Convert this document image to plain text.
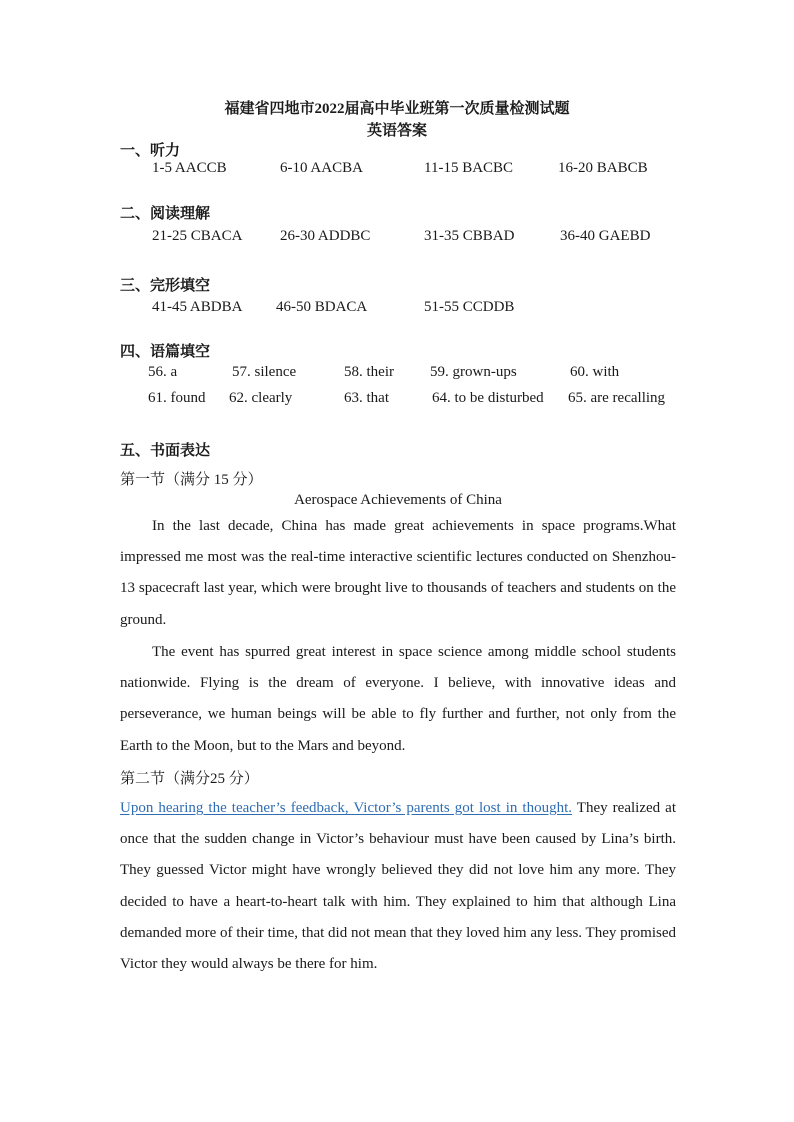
福建省四地市2022届高中毕业班第一次质量检测试题
英语答案
一、听力
1-5 AACCB	6-10 AACBA	11-15 BACBC	16-20 BABCB
二、阅读理解
21-25 CBACA	26-30 ADDBC	31-35 CBBAD	36-40 GAEBD
三、完形填空
41-45 ABDBA 46-50 BDACA	51-55 CCDDB
四、语篇填空
56. a	57. silence	58. their 59. grown-ups	60. with
61. found 62. clearly	63. that	64. to be disturbed 65. are recalling
五、书面表达
第一节（满分 15 分）
Aerospace Achievements of China

In the last decade, China has made great achievements in space programs.What impressed me most was the real-time interactive scientific lectures conducted on Shenzhou-13 spacecraft last year, which were brought live to thousands of teachers and students on the ground.

The event has spurred great interest in space science among middle school students nationwide. Flying is the dream of everyone. I believe, with innovative ideas and perseverance, we human beings will be able to fly further and further, not only from the Earth to the Moon, but to the Mars and beyond.

第二节（满分25 分）

Upon hearing the teacher’s feedback, Victor’s parents got lost in thought. They realized at once that the sudden change in Victor’s behaviour must have been caused by Lina’s birth. They guessed Victor might have wrongly believed they did not love him any more. They decided to have a heart-to-heart talk with him. They explained to him that although Lina demanded more of their time, that did not mean that they loved him any less. They promised Victor they would always be there for him.
